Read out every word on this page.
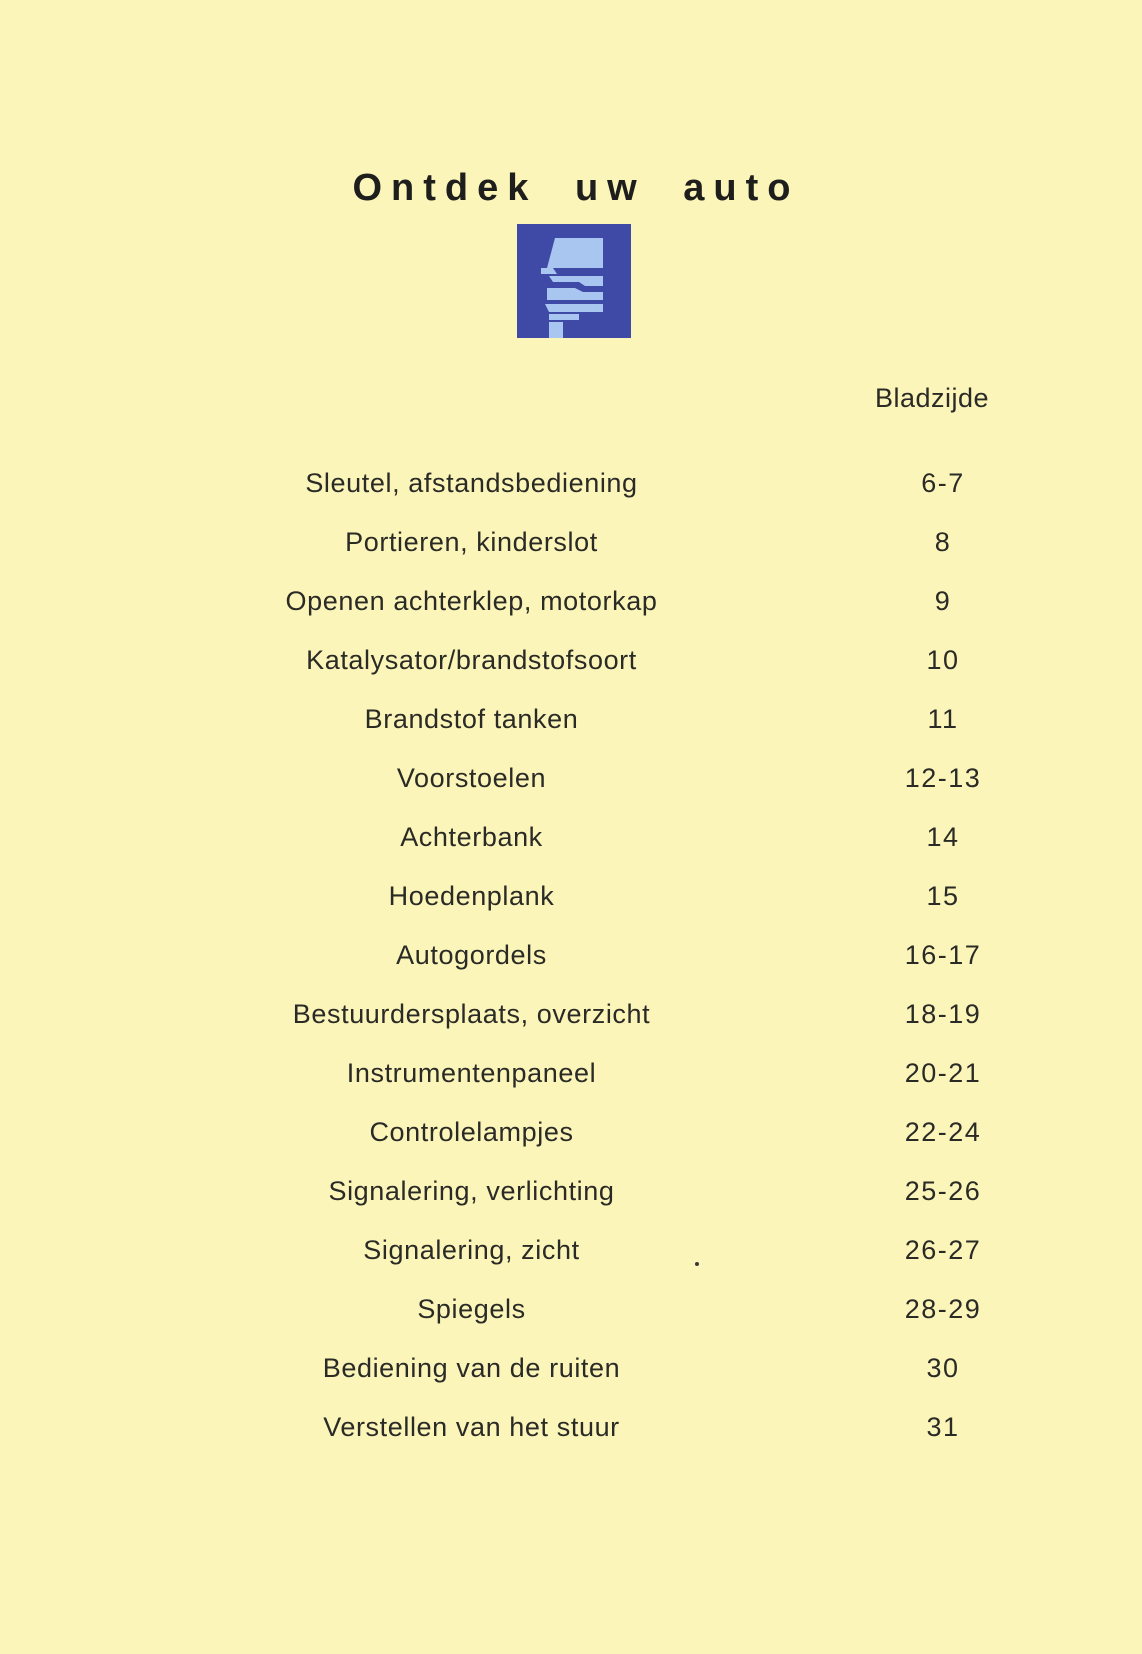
Ontdek uw auto
Bladzijde
Sleutel, afstandsbediening	6-7
Portieren, kinderslot	8
Openen achterklep, motorkap	9
Katalysator/brandstofsoort	10
Brandstof tanken	11
Voorstoelen	12-13
Achterbank	14
Hoedenplank	15
Autogordels	16-17
Bestuurdersplaats, overzicht	18-19
Instrumentenpaneel	20-21
Controlelampjes	22-24
Signalering, verlichting	25-26
Signalering, zicht	26-27
Spiegels	28-29
Bediening van de ruiten	30
Verstellen van het stuur	31
